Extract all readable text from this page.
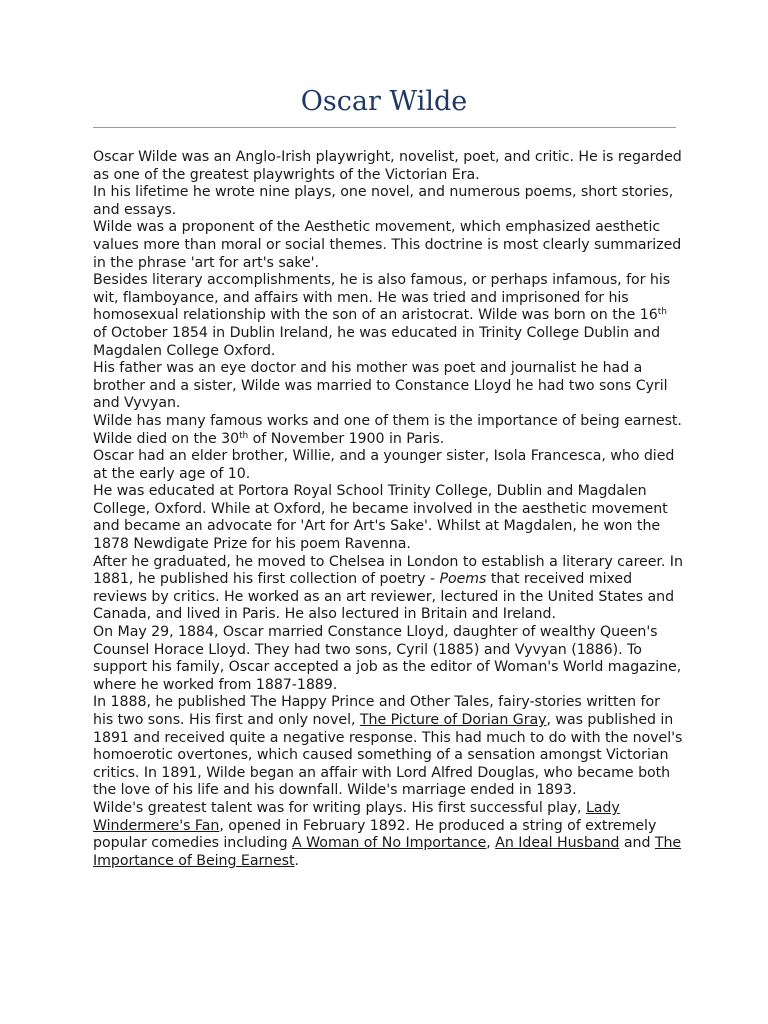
Oscar Wilde

Oscar Wilde was an Anglo-Irish playwright, novelist, poet, and critic. He is regarded as one of the greatest playwrights of the Victorian Era.

In his lifetime he wrote nine plays, one novel, and numerous poems, short stories, and essays.

Wilde was a proponent of the Aesthetic movement, which emphasized aesthetic values more than moral or social themes. This doctrine is most clearly summarized in the phrase 'art for art's sake'.

Besides literary accomplishments, he is also famous, or perhaps infamous, for his wit, flamboyance, and affairs with men. He was tried and imprisoned for his homosexual relationship with the son of an aristocrat. Wilde was born on the 16th of October 1854 in Dublin Ireland, he was educated in Trinity College Dublin and Magdalen College Oxford.

His father was an eye doctor and his mother was poet and journalist he had a brother and a sister, Wilde was married to Constance Lloyd he had two sons Cyril and Vyvyan.

Wilde has many famous works and one of them is the importance of being earnest. Wilde died on the 30th of November 1900 in Paris.

Oscar had an elder brother, Willie, and a younger sister, Isola Francesca, who died at the early age of 10.

He was educated at Portora Royal School Trinity College, Dublin and Magdalen College, Oxford. While at Oxford, he became involved in the aesthetic movement and became an advocate for 'Art for Art's Sake'. Whilst at Magdalen, he won the 1878 Newdigate Prize for his poem Ravenna.

After he graduated, he moved to Chelsea in London to establish a literary career. In 1881, he published his first collection of poetry - Poems that received mixed reviews by critics. He worked as an art reviewer, lectured in the United States and Canada, and lived in Paris. He also lectured in Britain and Ireland.

On May 29, 1884, Oscar married Constance Lloyd, daughter of wealthy Queen's Counsel Horace Lloyd. They had two sons, Cyril (1885) and Vyvyan (1886). To support his family, Oscar accepted a job as the editor of Woman's World magazine, where he worked from 1887-1889.

In 1888, he published The Happy Prince and Other Tales, fairy-stories written for his two sons. His first and only novel, The Picture of Dorian Gray, was published in 1891 and received quite a negative response. This had much to do with the novel's homoerotic overtones, which caused something of a sensation amongst Victorian critics. In 1891, Wilde began an affair with Lord Alfred Douglas, who became both the love of his life and his downfall. Wilde's marriage ended in 1893.

Wilde's greatest talent was for writing plays. His first successful play, Lady Windermere's Fan, opened in February 1892. He produced a string of extremely popular comedies including A Woman of No Importance, An Ideal Husband and The Importance of Being Earnest.
